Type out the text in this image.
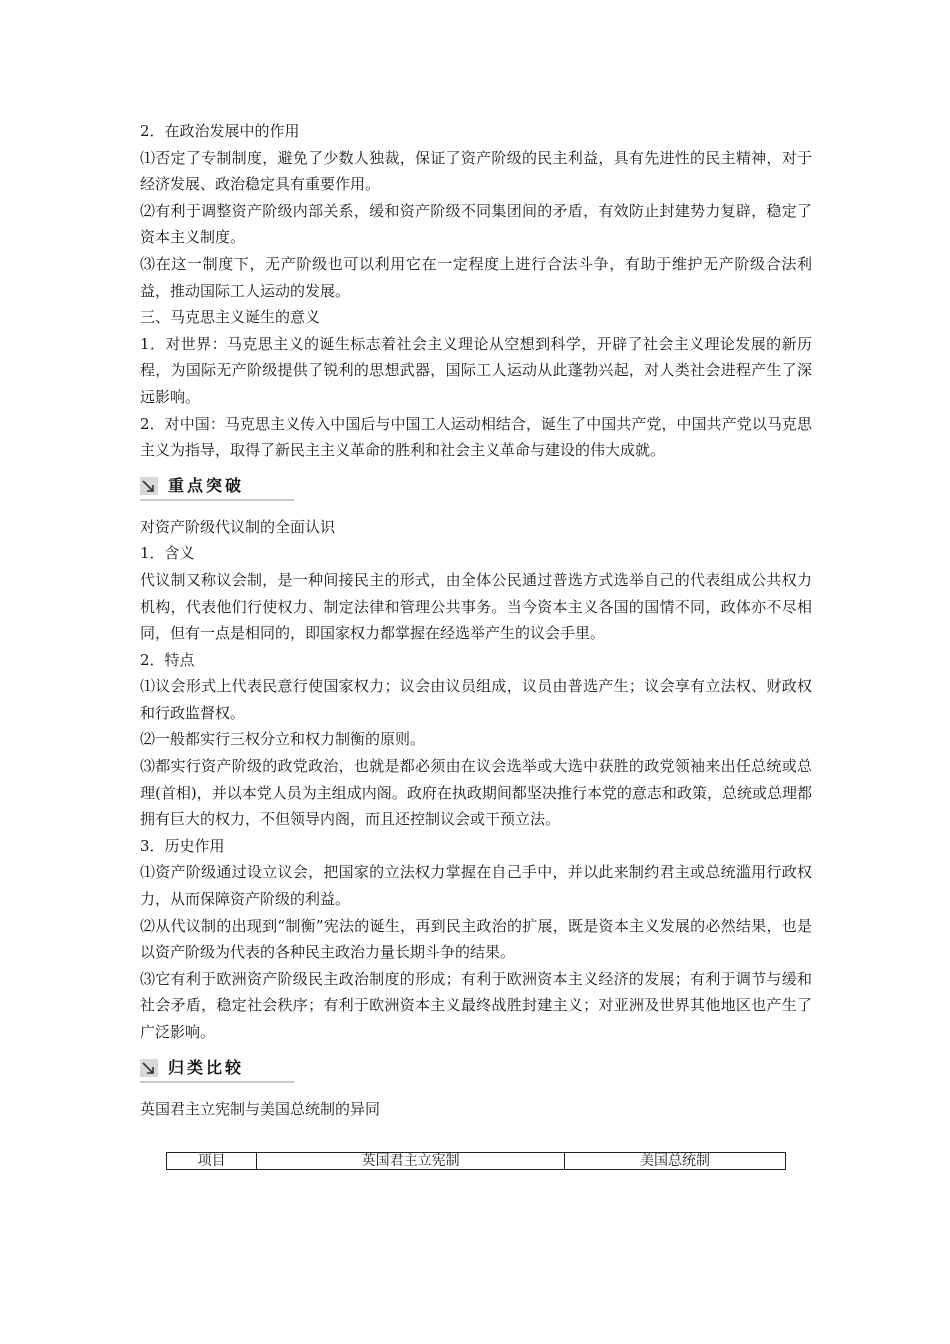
2．在政治发展中的作用

⑴否定了专制制度，避免了少数人独裁，保证了资产阶级的民主利益，具有先进性的民主精神，对于经济发展、政治稳定具有重要作用。

⑵有利于调整资产阶级内部关系，缓和资产阶级不同集团间的矛盾，有效防止封建势力复辟，稳定了资本主义制度。

⑶在这一制度下，无产阶级也可以利用它在一定程度上进行合法斗争，有助于维护无产阶级合法利益，推动国际工人运动的发展。

三、马克思主义诞生的意义

1．对世界：马克思主义的诞生标志着社会主义理论从空想到科学，开辟了社会主义理论发展的新历程，为国际无产阶级提供了锐利的思想武器，国际工人运动从此蓬勃兴起，对人类社会进程产生了深远影响。

2．对中国：马克思主义传入中国后与中国工人运动相结合，诞生了中国共产党，中国共产党以马克思主义为指导，取得了新民主主义革命的胜利和社会主义革命与建设的伟大成就。

重点突破

对资产阶级代议制的全面认识

1．含义

代议制又称议会制，是一种间接民主的形式，由全体公民通过普选方式选举自己的代表组成公共权力机构，代表他们行使权力、制定法律和管理公共事务。当今资本主义各国的国情不同，政体亦不尽相同，但有一点是相同的，即国家权力都掌握在经选举产生的议会手里。

2．特点

⑴议会形式上代表民意行使国家权力；议会由议员组成，议员由普选产生；议会享有立法权、财政权和行政监督权。

⑵一般都实行三权分立和权力制衡的原则。

⑶都实行资产阶级的政党政治，也就是都必须由在议会选举或大选中获胜的政党领袖来出任总统或总理(首相)，并以本党人员为主组成内阁。政府在执政期间都坚决推行本党的意志和政策，总统或总理都拥有巨大的权力，不但领导内阁，而且还控制议会或干预立法。

3．历史作用

⑴资产阶级通过设立议会，把国家的立法权力掌握在自己手中，并以此来制约君主或总统滥用行政权力，从而保障资产阶级的利益。

⑵从代议制的出现到“制衡”宪法的诞生，再到民主政治的扩展，既是资本主义发展的必然结果，也是以资产阶级为代表的各种民主政治力量长期斗争的结果。

⑶它有利于欧洲资产阶级民主政治制度的形成；有利于欧洲资本主义经济的发展；有利于调节与缓和社会矛盾，稳定社会秩序；有利于欧洲资本主义最终战胜封建主义；对亚洲及世界其他地区也产生了广泛影响。

归类比较

英国君主立宪制与美国总统制的异同

项目	英国君主立宪制	美国总统制
